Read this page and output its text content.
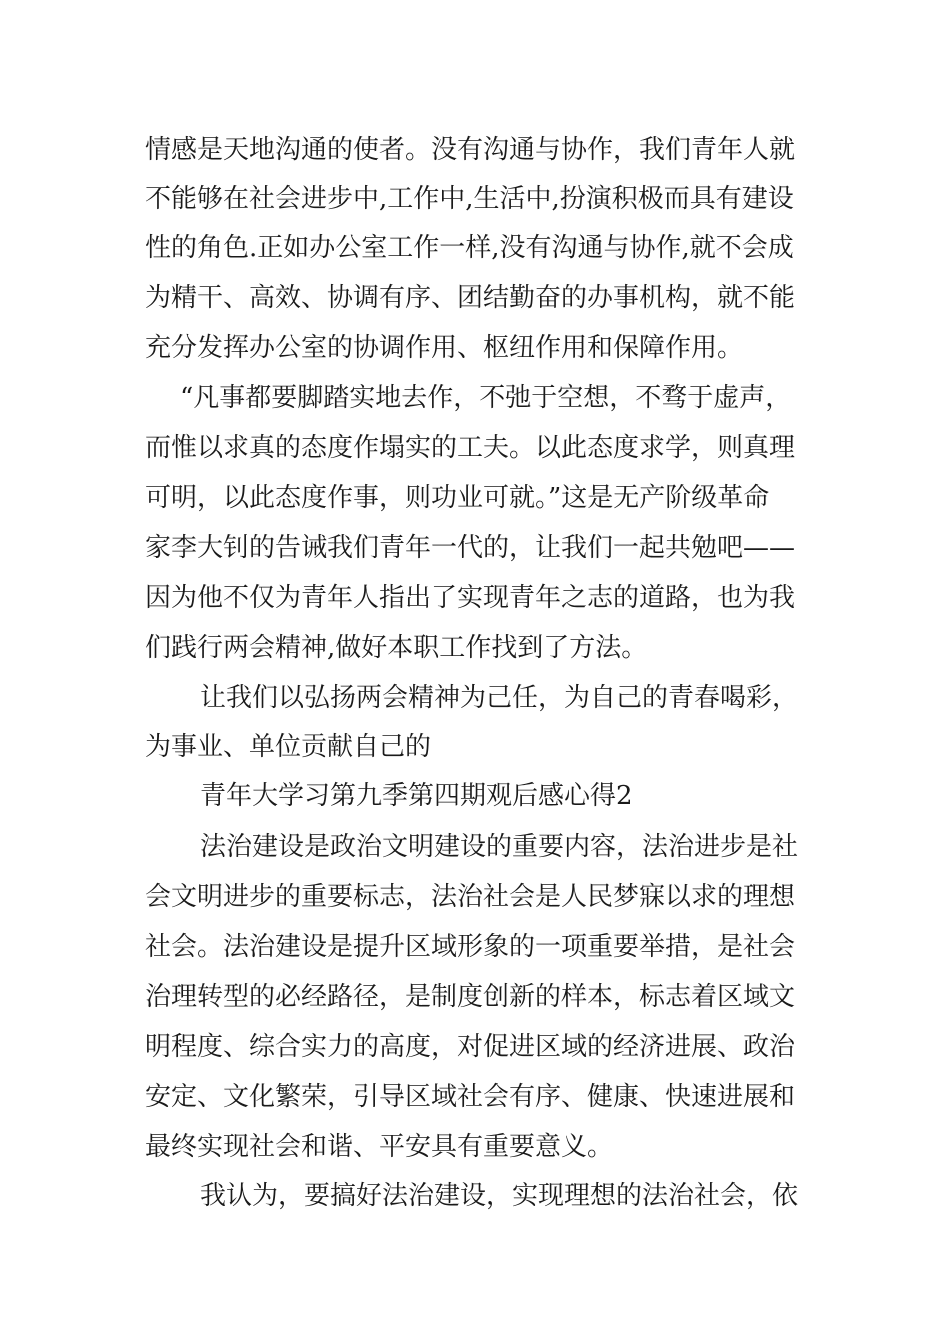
情感是天地沟通的使者。没有沟通与协作，我们青年人就
不能够在社会进步中,工作中,生活中,扮演积极而具有建设
性的角色.正如办公室工作一样,没有沟通与协作,就不会成
为精干、高效、协调有序、团结勤奋的办事机构，就不能
充分发挥办公室的协调作用、枢纽作用和保障作用。
“凡事都要脚踏实地去作，不弛于空想，不骛于虚声，
而惟以求真的态度作塌实的工夫。以此态度求学，则真理
可明，以此态度作事，则功业可就。”这是无产阶级革命
家李大钊的告诫我们青年一代的，让我们一起共勉吧——
因为他不仅为青年人指出了实现青年之志的道路，也为我
们践行两会精神,做好本职工作找到了方法。
让我们以弘扬两会精神为己任，为自己的青春喝彩，
为事业、单位贡献自己的
青年大学习第九季第四期观后感心得2
法治建设是政治文明建设的重要内容，法治进步是社
会文明进步的重要标志，法治社会是人民梦寐以求的理想
社会。法治建设是提升区域形象的一项重要举措，是社会
治理转型的必经路径，是制度创新的样本，标志着区域文
明程度、综合实力的高度，对促进区域的经济进展、政治
安定、文化繁荣，引导区域社会有序、健康、快速进展和
最终实现社会和谐、平安具有重要意义。
我认为，要搞好法治建设，实现理想的法治社会，依
